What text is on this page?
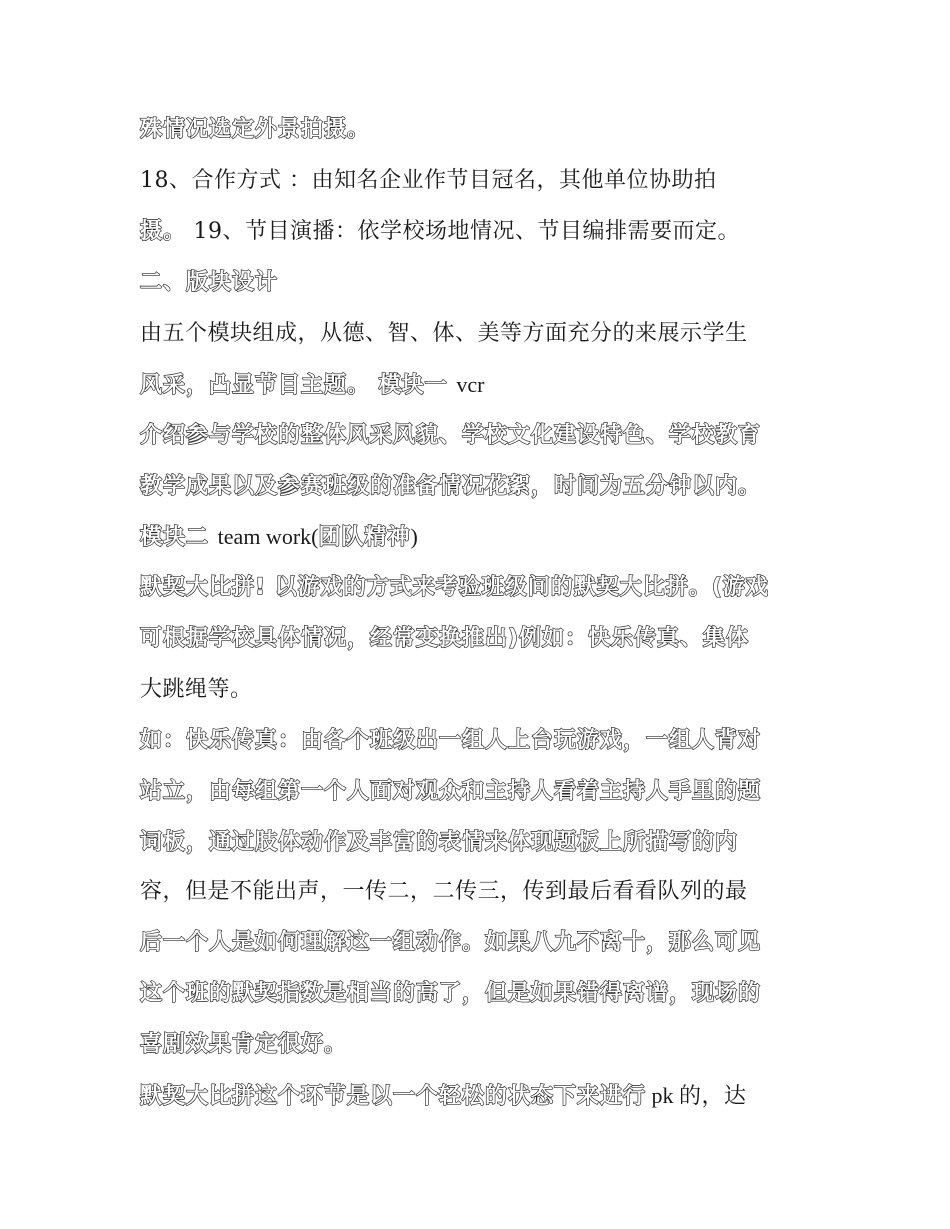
殊情况选定外景拍摄。
18、合作方式 ：由知名企业作节目冠名，其他单位协助拍
摄。 19、节目演播：依学校场地情况、节目编排需要而定。
二、版块设计
由五个模块组成，从德、智、体、美等方面充分的来展示学生
风采，凸显节目主题。 模块一 vcr
介绍参与学校的整体风采风貌、学校文化建设特色、学校教育
教学成果以及参赛班级的准备情况花絮，时间为五分钟以内。
模块二 team work(团队精神)
默契大比拼! 以游戏的方式来考验班级间的默契大比拼。(游戏
可根据学校具体情况，经常变换推出)例如：快乐传真、集体
大跳绳等。
如：快乐传真：由各个班级出一组人上台玩游戏，一组人背对
站立，由每组第一个人面对观众和主持人看着主持人手里的题
词板，通过肢体动作及丰富的表情来体现题板上所描写的内
容，但是不能出声，一传二，二传三，传到最后看看队列的最
后一个人是如何理解这一组动作。如果八九不离十，那么可见
这个班的默契指数是相当的高了，但是如果错得离谱，现场的
喜剧效果肯定很好。
默契大比拼这个环节是以一个轻松的状态下来进行 pk 的，达
